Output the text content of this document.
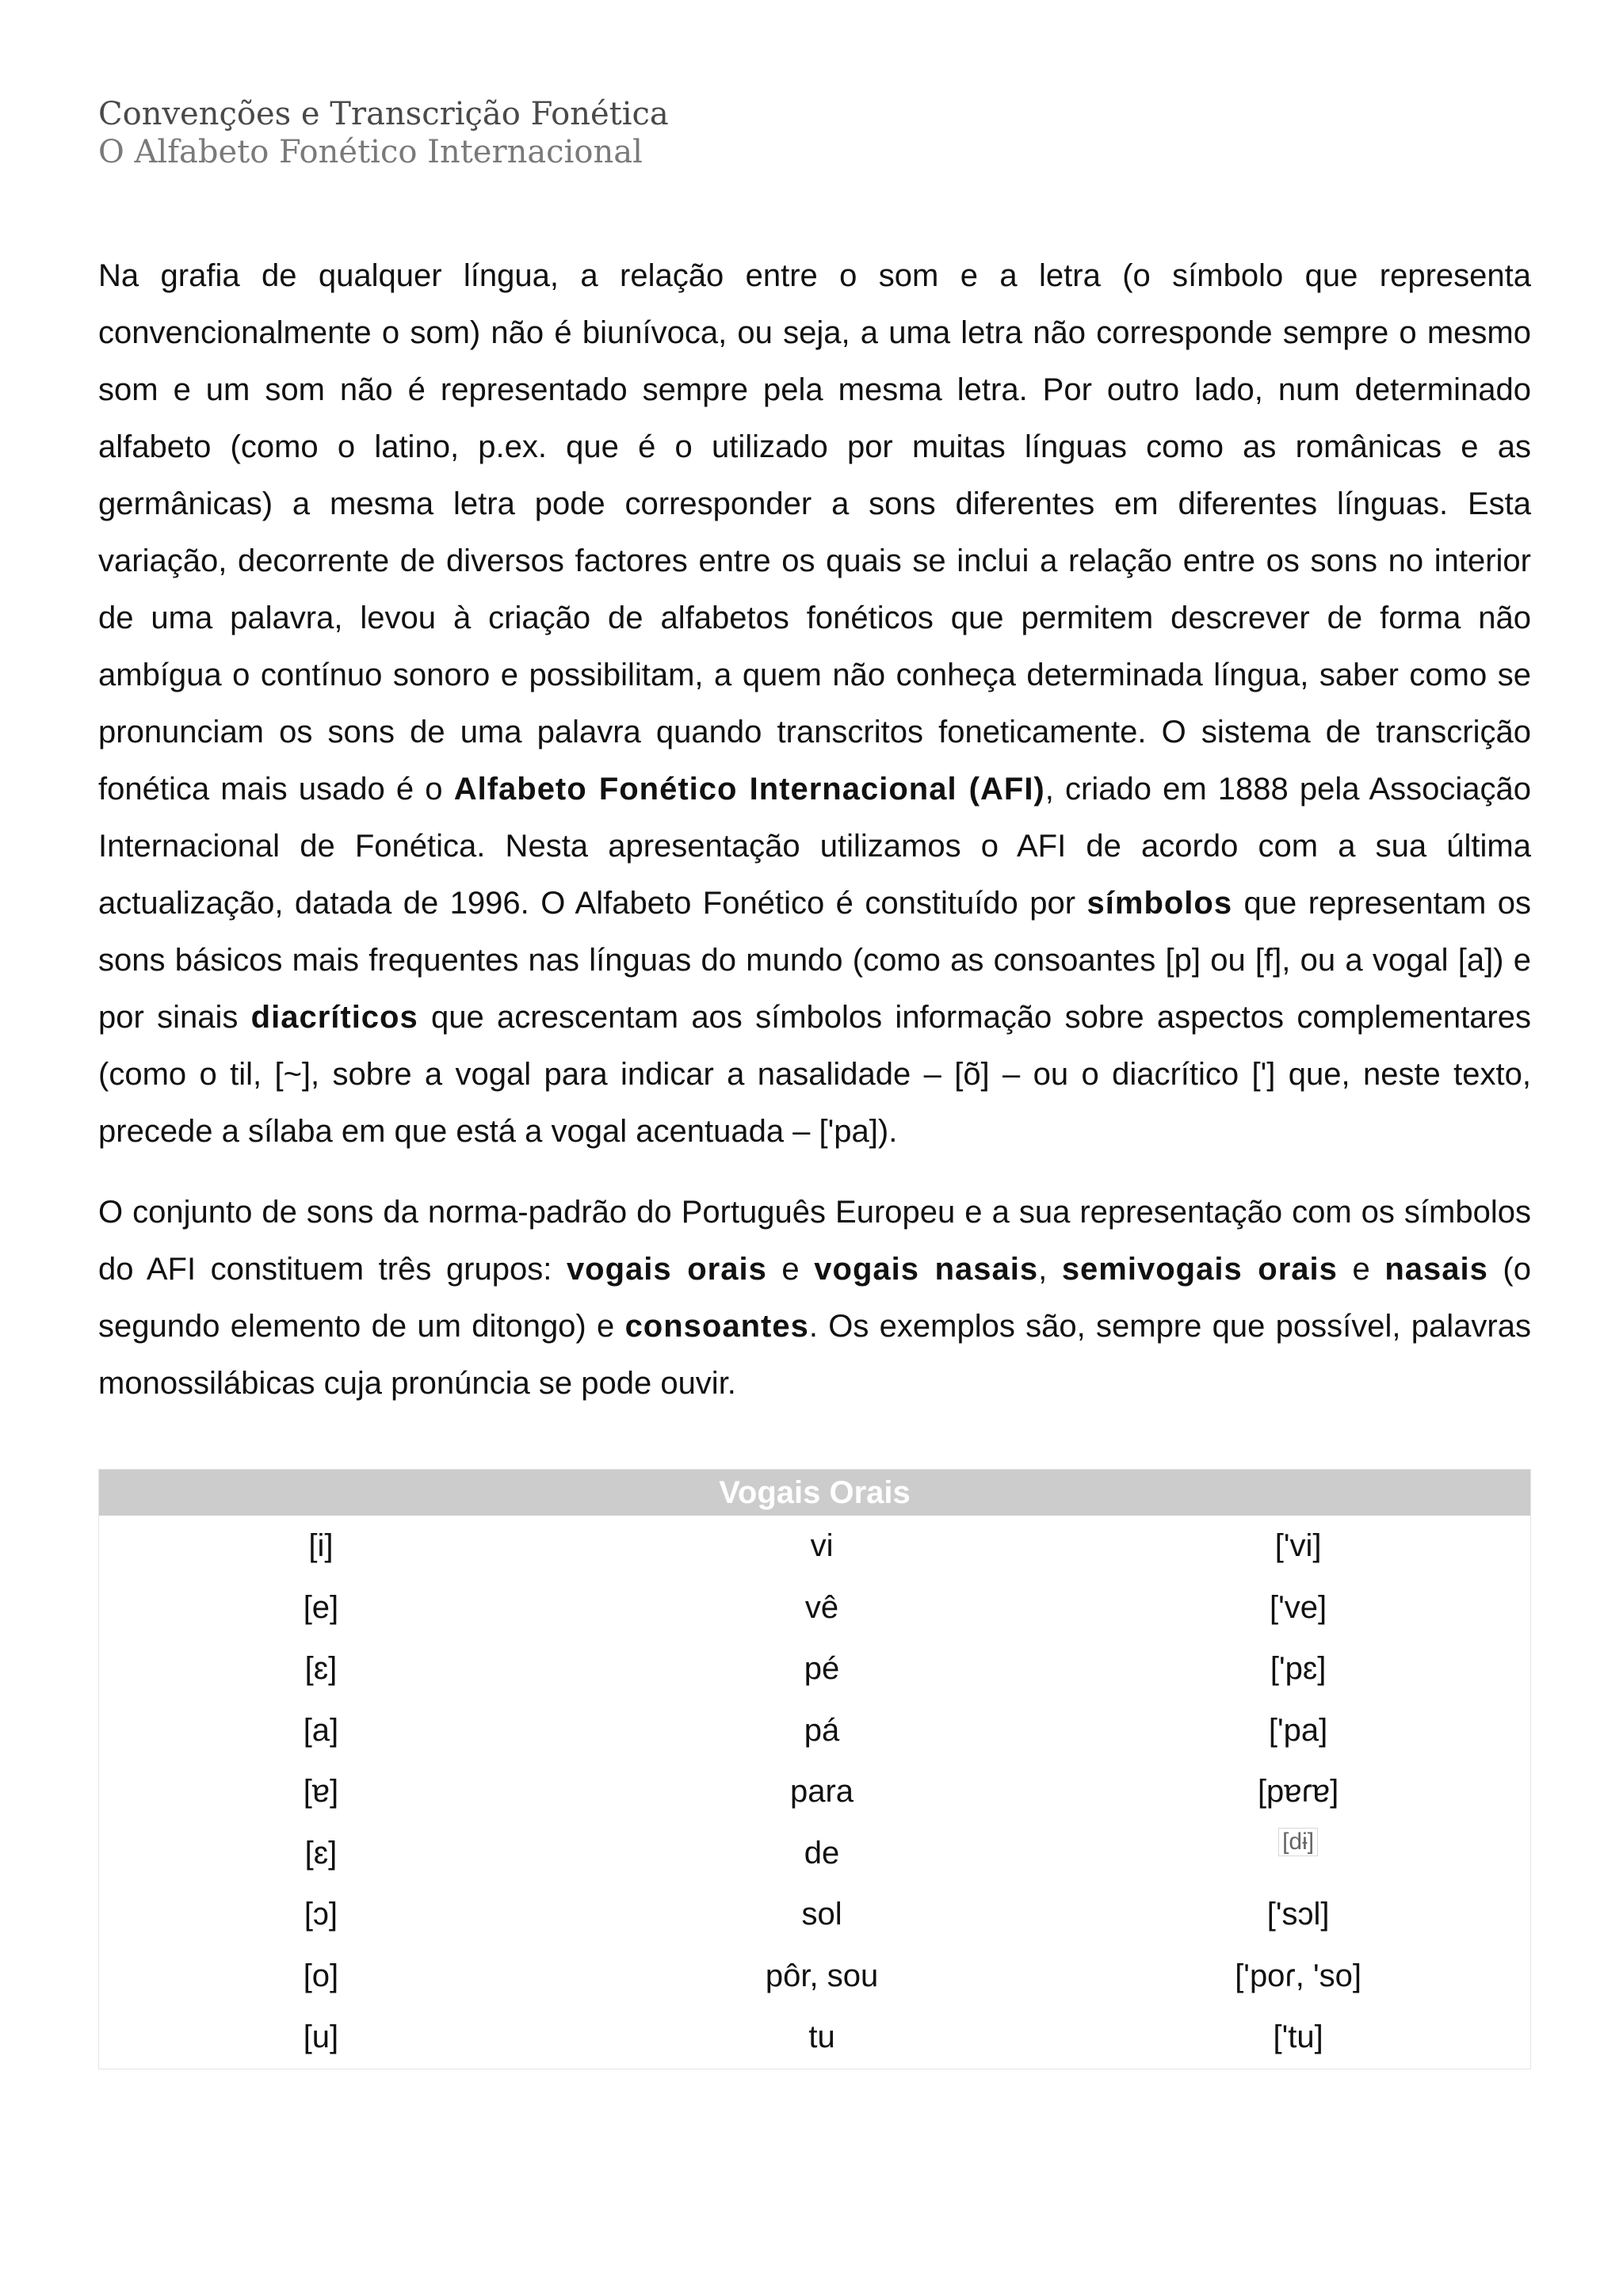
Convenções e Transcrição Fonética
O Alfabeto Fonético Internacional

Na grafia de qualquer língua, a relação entre o som e a letra (o símbolo que representa convencionalmente o som) não é biunívoca, ou seja, a uma letra não corresponde sempre o mesmo som e um som não é representado sempre pela mesma letra. Por outro lado, num determinado alfabeto (como o latino, p.ex. que é o utilizado por muitas línguas como as românicas e as germânicas) a mesma letra pode corresponder a sons diferentes em diferentes línguas. Esta variação, decorrente de diversos factores entre os quais se inclui a relação entre os sons no interior de uma palavra, levou à criação de alfabetos fonéticos que permitem descrever de forma não ambígua o contínuo sonoro e possibilitam, a quem não conheça determinada língua, saber como se pronunciam os sons de uma palavra quando transcritos foneticamente. O sistema de transcrição fonética mais usado é o Alfabeto Fonético Internacional (AFI), criado em 1888 pela Associação Internacional de Fonética. Nesta apresentação utilizamos o AFI de acordo com a sua última actualização, datada de 1996. O Alfabeto Fonético é constituído por símbolos que representam os sons básicos mais frequentes nas línguas do mundo (como as consoantes [p] ou [f], ou a vogal [a]) e por sinais diacríticos que acrescentam aos símbolos informação sobre aspectos complementares (como o til, [~], sobre a vogal para indicar a nasalidade – [õ] – ou o diacrítico ['] que, neste texto, precede a sílaba em que está a vogal acentuada – ['pa]).

O conjunto de sons da norma-padrão do Português Europeu e a sua representação com os símbolos do AFI constituem três grupos: vogais orais e vogais nasais, semivogais orais e nasais (o segundo elemento de um ditongo) e consoantes. Os exemplos são, sempre que possível, palavras monossilábicas cuja pronúncia se pode ouvir.

Vogais Orais		
[i]	vi	['vi]
[e]	vê	['ve]
[ɛ]	pé	['pɛ]
[a]	pá	['pa]
[ɐ]	para	[pɐɾɐ]
[ɛ]	de	[dɨ]
[ɔ]	sol	['sɔl]
[o]	pôr, sou	['poɾ, 'so]
[u]	tu	['tu]
